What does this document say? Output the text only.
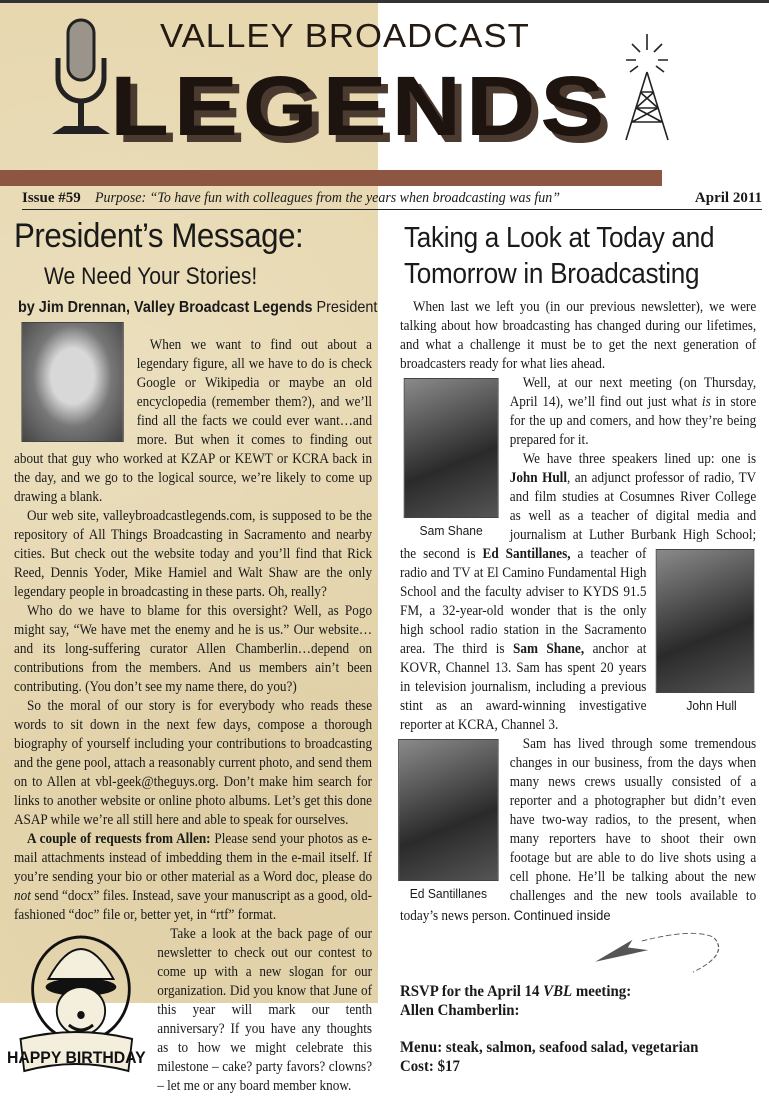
VALLEY BROADCAST
LEGENDS
Issue #59 Purpose: “To have fun with colleagues from the years when broadcasting was fun”	April 2011
President’s Message:
We Need Your Stories!
by Jim Drennan, Valley Broadcast Legends President

When we want to find out about a legendary figure, all we have to do is check Google or Wikipedia or maybe an old encyclopedia (remember them?), and we’ll find all the facts we could ever want…and more. But when it comes to finding out about that guy who worked at KZAP or KEWT or KCRA back in the day, and we go to the logical source, we’re likely to come up drawing a blank.

Our web site, valleybroadcastlegends.com, is supposed to be the repository of All Things Broadcasting in Sacramento and nearby cities. But check out the website today and you’ll find that Rick Reed, Dennis Yoder, Mike Hamiel and Walt Shaw are the only legendary people in broadcasting in these parts. Oh, really?

Who do we have to blame for this oversight? Well, as Pogo might say, “We have met the enemy and he is us.” Our website…and its long-suffering curator Allen Chamberlin…depend on contributions from the members. And us members ain’t been contributing. (You don’t see my name there, do you?)

So the moral of our story is for everybody who reads these words to sit down in the next few days, compose a thorough biography of yourself including your contributions to broadcasting and the gene pool, attach a reasonably current photo, and send them on to Allen at vbl-geek@theguys.org. Don’t make him search for links to another website or online photo albums. Let’s get this done ASAP while we’re all still here and able to speak for ourselves.

A couple of requests from Allen: Please send your photos as e-mail attachments instead of imbedding them in the e-mail itself. If you’re sending your bio or other material as a Word doc, please do not send “docx” files. Instead, save your manuscript as a good, old-fashioned “doc” file or, better yet, in “rtf” format.

HAPPY BIRTHDAY

Take a look at the back page of our newsletter to check out our contest to come up with a new slogan for our organization. Did you know that June of this year will mark our tenth anniversary? If you have any thoughts as to how we might celebrate this milestone – cake? party favors? clowns? – let me or any board member know.

Taking a Look at Today and
Tomorrow in Broadcasting

When last we left you (in our previous newsletter), we were talking about how broadcasting has changed during our lifetimes, and what a challenge it must be to get the next generation of broadcasters ready for what lies ahead.

Sam Shane

Well, at our next meeting (on Thursday, April 14), we’ll find out just what is in store for the up and comers, and how they’re being prepared for it.

We have three speakers lined up: one is John Hull, an adjunct professor of radio, TV and film studies at Cosumnes River College as well as a teacher of digital media and journalism at Luther Burbank High School; the second is
John Hull
Ed Santillanes, a teacher of radio and TV at El Camino Fundamental High School and the faculty adviser to KYDS 91.5 FM, a 32-year-old wonder that is the only high school radio station in the Sacramento area. The third is Sam Shane, anchor at KOVR, Channel 13. Sam has spent 20 years in television journalism, including a previous stint as an award-winning investigative reporter at KCRA, Channel 3.

Ed Santillanes

Sam has lived through some tremendous changes in our business, from the days when many news crews usually consisted of a reporter and a photographer but didn’t even have two-way radios, to the present, when many reporters have to shoot their own footage but are able to do live shots using a cell phone. He’ll be talking about the new challenges and the new tools available to today’s news person. Continued inside

RSVP for the April 14 VBL meeting:
Allen Chamberlin:
Menu: steak, salmon, seafood salad, vegetarian
Cost: $17
